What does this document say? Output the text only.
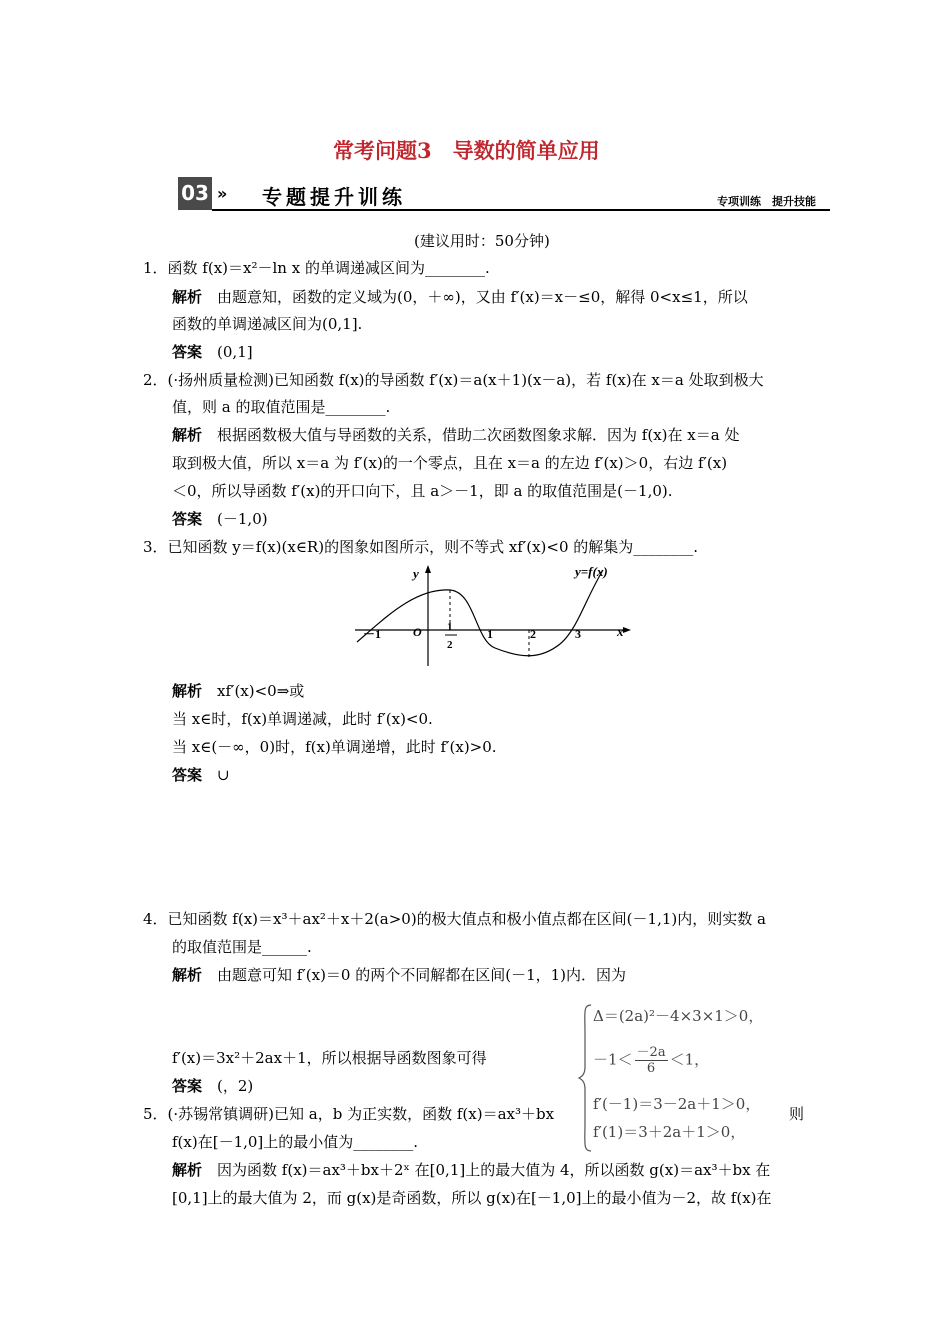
常考问题3　导数的简单应用
03 » 专题提升训练	专项训练　提升技能
(建议用时：50分钟)
1．函数 f(x)＝x²－ln x 的单调递减区间为________.
解析　 由题意知，函数的定义域为(0，＋∞)，又由 f′(x)＝x－≤0，解得 0<x≤1，所以
函数的单调递减区间为(0,1].
答案　 (0,1]
2．(·扬州质量检测)已知函数 f(x)的导函数 f′(x)＝a(x＋1)(x－a)，若 f(x)在 x＝a 处取到极大
值，则 a 的取值范围是________.
解析　 根据函数极大值与导函数的关系，借助二次函数图象求解．因为 f(x)在 x＝a 处
取到极大值，所以 x＝a 为 f′(x)的一个零点，且在 x＝a 的左边 f′(x)＞0，右边 f′(x)
＜0，所以导函数 f′(x)的开口向下，且 a＞－1，即 a 的取值范围是(－1,0).
答案　 (－1,0)
3．已知函数 y＝f(x)(x∈R)的图象如图所示，则不等式 xf′(x)<0 的解集为________.
y
x
y=f(x)
O
－1	1
2
1	2	3
解析　 xf′(x)<0⇒或
当 x∈时，f(x)单调递减，此时 f′(x)<0.
当 x∈(－∞，0)时，f(x)单调递增，此时 f′(x)>0.
答案　 ∪
4．已知函数 f(x)＝x³＋ax²＋x＋2(a>0)的极大值点和极小值点都在区间(－1,1)内，则实数 a
的取值范围是______.
解析　 由题意可知 f′(x)＝0 的两个不同解都在区间(－1，1)内．因为
f′(x)＝3x²＋2ax＋1，所以根据导函数图象可得
答案　 (，2)
Δ＝(2a)²－4×3×1＞0，
$-1< \frac{-2a}{6} <1$，
f′(－1)＝3－2a＋1＞0，
f′(1)＝3＋2a＋1＞0，
则
5．(·苏锡常镇调研)已知 a，b 为正实数，函数 f(x)＝ax³＋bx
f(x)在[－1,0]上的最小值为________.
解析　 因为函数 f(x)＝ax³＋bx＋2ˣ 在[0,1]上的最大值为 4，所以函数 g(x)＝ax³＋bx 在
[0,1]上的最大值为 2，而 g(x)是奇函数，所以 g(x)在[－1,0]上的最小值为－2，故 f(x)在
